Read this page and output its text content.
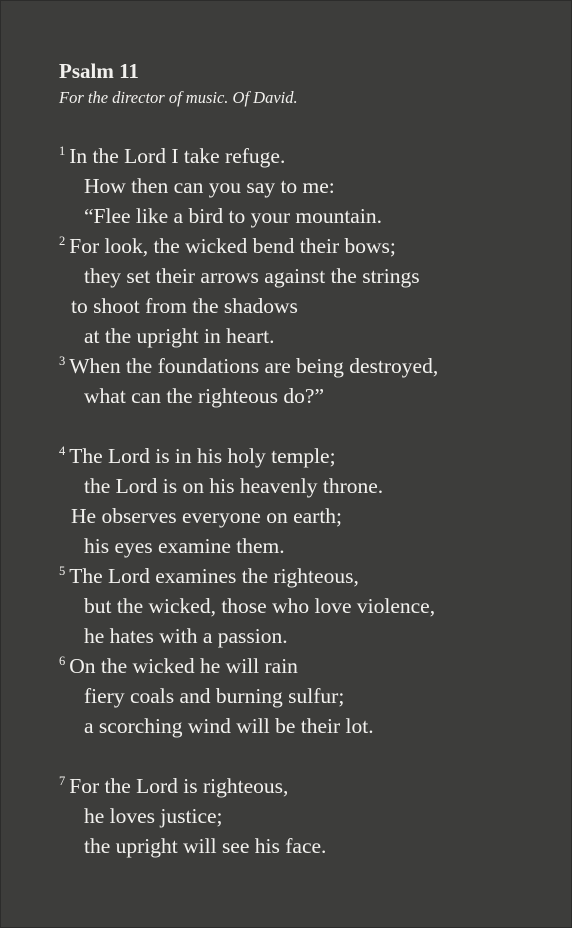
Psalm 11
For the director of music. Of David.
$^1$ In the Lord I take refuge.
How then can you say to me:
“Flee like a bird to your mountain.
$^2$ For look, the wicked bend their bows;
they set their arrows against the strings
to shoot from the shadows
at the upright in heart.
$^3$ When the foundations are being destroyed,
what can the righteous do?”
$^4$ The Lord is in his holy temple;
the Lord is on his heavenly throne.
He observes everyone on earth;
his eyes examine them.
$^5$ The Lord examines the righteous,
but the wicked, those who love violence,
he hates with a passion.
$^6$ On the wicked he will rain
fiery coals and burning sulfur;
a scorching wind will be their lot.
$^7$ For the Lord is righteous,
he loves justice;
the upright will see his face.
